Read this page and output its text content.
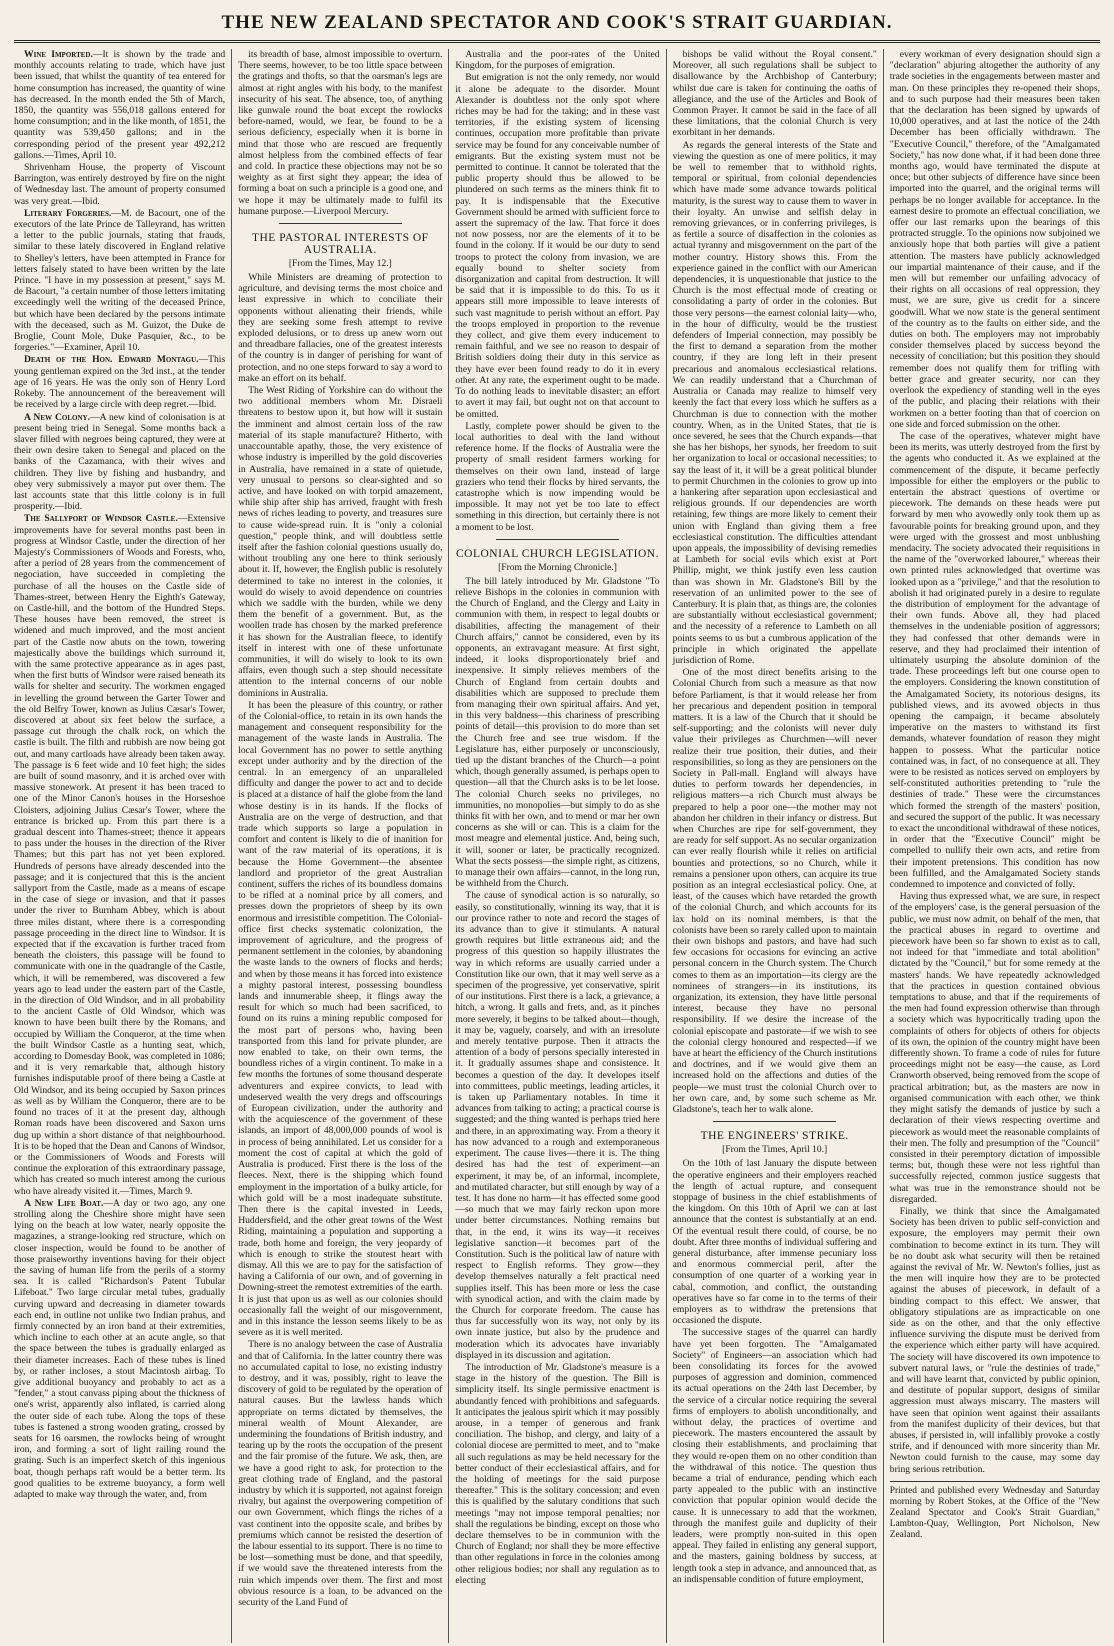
THE NEW ZEALAND SPECTATOR AND COOK'S STRAIT GUARDIAN.

Wine Imported.—It is shown by the trade and monthly accounts relating to trade, which have just been issued, that whilst the quantity of tea entered for home consumption has increased, the quantity of wine has decreased. In the month ended the 5th of March, 1850, the quantity was 556,018 gallons entered for home consumption; and in the like month, of 1851, the quantity was 539,450 gallons; and in the corresponding period of the present year 492,212 gallons.—Times, April 10.

Shrivenham House, the property of Viscount Barrington, was entirely destroyed by fire on the night of Wednesday last. The amount of property consumed was very great.—Ibid.

Literary Forgeries.—M. de Bacourt, one of the executors of the late Prince de Talleyrand, has written a letter to the public journals, stating that frauds, similar to these lately discovered in England relative to Shelley's letters, have been attempted in France for letters falsely stated to have been written by the late Prince. "I have in my possession at present," says M. de Bacourt, "a certain number of those letters imitating exceedingly well the writing of the deceased Prince, but which have been declared by the persons intimate with the deceased, such as M. Guizot, the Duke de Broglie, Count Mole, Duke Pasquier, &c., to be forgeries."—Examiner, April 10.

Death of the Hon. Edward Montagu.—This young gentleman expired on the 3rd inst., at the tender age of 16 years. He was the only son of Henry Lord Rokeby. The announcement of the bereavement will be received by a large circle with deep regret.—Ibid.

A New Colony.—A new kind of colonisation is at present being tried in Senegal. Some months back a slaver filled with negroes being captured, they were at their own desire taken to Senegal and placed on the banks of the Cazamanca, with their wives and children. They live by fishing and husbandry, and obey very submissively a mayor put over them. The last accounts state that this little colony is in full prosperity.—Ibid.

The Sallyport of Windsor Castle.—Extensive improvements have for several months past been in progress at Windsor Castle, under the direction of her Majesty's Commissioners of Woods and Forests, who, after a period of 28 years from the commencement of negociation, have succeeded in completing the purchase of all the houses on the Castle side of Thames-street, between Henry the Eighth's Gateway, on Castle-hill, and the bottom of the Hundred Steps. These houses have been removed, the street is widened and much improved, and the most ancient part of the Castle now abuts on the town, towering majestically above the buildings which surround it, with the same protective appearance as in ages past, when the first butts of Windsor were raised beneath its walls for shelter and security. The workmen engaged in levelling the ground between the Garter Tower and the old Belfry Tower, known as Julius Cæsar's Tower, discovered at about six feet below the surface, a passage cut through the chalk rock, on which the castle is built. The filth and rubbish are now being got out, and many cartloads have already been taken away. The passage is 6 feet wide and 10 feet high; the sides are built of sound masonry, and it is arched over with massive stonework. At present it has been traced to one of the Minor Canon's houses in the Horseshoe Cloisters, adjoining Julius Cæsar's Tower, where the entrance is bricked up. From this part there is a gradual descent into Thames-street; thence it appears to pass under the houses in the direction of the River Thames; but this part has not yet been explored. Hundreds of persons have already descended into the passage; and it is conjectured that this is the ancient sallyport from the Castle, made as a means of escape in the case of siege or invasion, and that it passes under the river to Burnham Abbey, which is about three miles distant, where there is a corresponding passage proceeding in the direct line to Windsor. It is expected that if the excavation is further traced from beneath the cloisters, this passage will be found to communicate with one in the quadrangle of the Castle, which, it will be remembered, was discovered a few years ago to lead under the eastern part of the Castle, in the direction of Old Windsor, and in all probability to the ancient Castle of Old Windsor, which was known to have been built there by the Romans, and occupied by William the Conqueror, at the time when the built Windsor Castle as a hunting seat, which, according to Domesday Book, was completed in 1086; and it is very remarkable that, although history furnishes indisputable proof of there being a Castle at Old Windsor, and its being occupied by Saxon princes as well as by William the Conqueror, there are to be found no traces of it at the present day, although Roman roads have been discovered and Saxon urns dug up within a short distance of that neighbourhood. It is to be hoped that the Dean and Canons of Windsor, or the Commissioners of Woods and Forests will continue the exploration of this extraordinary passage, which has created so much interest among the curious who have already visited it.—Times, March 9.

A New Life Boat.—A day or two ago, any one strolling along the Cheshire shore might have seen lying on the beach at low water, nearly opposite the magazines, a strange-looking red structure, which on closer inspection, would be found to be another of those praiseworthy inventions having for their object the saving of human life from the perils of a stormy sea. It is called "Richardson's Patent Tubular Lifeboat." Two large circular metal tubes, gradually curving upward and decreasing in diameter towards each end, in outline not unlike two Indian prahus, and firmly connected by an iron band at their extremities, which incline to each other at an acute angle, so that the space between the tubes is gradually enlarged as their diameter increases. Each of these tubes is lined by, or rather incloses, a stout Macintosh airbag. To give additional buoyancy and probably to act as a "fender," a stout canvass piping about the thickness of one's wrist, apparently also inflated, is carried along the outer side of each tube. Along the tops of these tubes is fastened a strong wooden grating, crossed by seats for 16 oarsmen, the rowlocks being of wrought iron, and forming a sort of light railing round the grating. Such is an imperfect sketch of this ingenious boat, though perhaps raft would be a better term. Its good qualities to be extreme buoyancy, a form well adapted to make way through the water, and, from

its breadth of base, almost impossible to overturn. There seems, however, to be too little space between the gratings and thofts, so that the oarsman's legs are almost at right angles with his body, to the manifest insecurity of his seat. The absence, too, of anything like gunwale round the boat except the rowlocks before-named, would, we fear, be found to be a serious deficiency, especially when it is borne in mind that those who are rescued are frequently almost helpless from the combined effects of fear and cold. In practice these objections may not be so weighty as at first sight they appear; the idea of forming a boat on such a principle is a good one, and we hope it may be ultimately made to fulfil its humane purpose.—Liverpool Mercury.

THE PASTORAL INTERESTS OF AUSTRALIA.
[From the Times, May 12.]

While Ministers are dreaming of protection to agriculture, and devising terms the most choice and least expressive in which to conciliate their opponents without alienating their friends, while they are seeking some fresh attempt to revive exploded delusions, or to dress up anew worn out and threadbare fallacies, one of the greatest interests of the country is in danger of perishing for want of protection, and no one steps forward to say a word to make an effort on its behalf.

The West Riding of Yorkshire can do without the two additional members whom Mr. Disraeli threatens to bestow upon it, but how will it sustain the imminent and almost certain loss of the raw material of its staple manufacture? Hitherto, with unaccountable apathy, those, the very existence of whose industry is imperilled by the gold discoveries in Australia, have remained in a state of quietude, very unusual to persons so clear-sighted and so active, and have looked on with torpid amazement, while ship after ship has arrived, fraught with fresh news of riches leading to poverty, and treasures sure to cause wide-spread ruin. It is "only a colonial question," people think, and will doubtless settle itself after the fashion colonial questions usually do, without troubling any one here to think seriously about it. If, however, the English public is resolutely determined to take no interest in the colonies, it would do wisely to avoid dependence on countries which we saddle with the burden, while we deny them the benefit of a government. But, as the woollen trade has chosen by the marked preference it has shown for the Australian fleece, to identify itself in interest with one of these unfortunate communities, it will do wisely to look to its own affairs, even though such a step should necessitate attention to the internal concerns of our noble dominions in Australia.

It has been the pleasure of this country, or rather of the Colonial-office, to retain in its own hands the management and consequent responsibility for the management of the waste lands in Australia. The local Government has no power to settle anything except under authority and by the direction of the central. In an emergency of an unparalleled difficulty and danger the power to act and to decide is placed at a distance of half the globe from the land whose destiny is in its hands. If the flocks of Australia are on the verge of destruction, and that trade which supports so large a population in comfort and content is likely to die of inanition for want of the raw material of its operations, it is because the Home Government—the absentee landlord and proprietor of the great Australian continent, suffers the riches of its boundless domains to be rifled at a nominal price by all comers, and presses down the proprietors of sheep by its own enormous and irresistible competition. The Colonial-office first checks systematic colonization, the improvement of agriculture, and the progress of permanent settlement in the colonies, by abandoning the waste lands to the owners of flocks and herds; and when by those means it has forced into existence a mighty pastoral interest, possessing boundless lands and innumerable sheep, it flings away the result for which so much had been sacrificed, to found on its ruins a mining republic composed for the most part of persons who, having been transported from this land for private plunder, are now enabled to take, on their own terms, the boundless riches of a virgin continent. To make in a few months the fortunes of some thousand desperate adventurers and expiree convicts, to lead with undeserved wealth the very dregs and offscourings of European civilization, under the authority and with the acquiescence of the government of these islands, an import of 48,000,000 pounds of wool is in process of being annihilated. Let us consider for a moment the cost of capital at which the gold of Australia is produced. First there is the loss of the fleeces. Next, there is the shipping which found employment in the importation of a bulky article, for which gold will be a most inadequate substitute. Then there is the capital invested in Leeds, Huddersfield, and the other great towns of the West Riding, maintaining a population and supporting a trade, both home and foreign, the very jeopardy of which is enough to strike the stoutest heart with dismay. All this we are to pay for the satisfaction of having a California of our own, and of governing in Downing-street the remotest extremities of the earth. It is just that upon us as well as our colonies should occasionally fall the weight of our misgovernment, and in this instance the lesson seems likely to be as severe as it is well merited.

There is no analogy between the case of Australia and that of California. In the latter country there was no accumulated capital to lose, no existing industry to destroy, and it was, possibly, right to leave the discovery of gold to be regulated by the operation of natural causes. But the lawless hands which appropriate on terms dictated by themselves, the mineral wealth of Mount Alexander, are undermining the foundations of British industry, and tearing up by the roots the occupation of the present and the fair promise of the future. We ask, then, are we have a good right to ask, for protection to the great clothing trade of England, and the pastoral industry by which it is supported, not against foreign rivalry, but against the overpowering competition of our own Government, which flings the riches of a vast continent into the opposite scale, and bribes by premiums which cannot be resisted the desertion of the labour essential to its support. There is no time to be lost—something must be done, and that speedily, if we would save the threatened interests from the ruin which impends over them. The first and most obvious resource is a loan, to be advanced on the security of the Land Fund of

Australia and the poor-rates of the United Kingdom, for the purposes of emigration.

But emigration is not the only remedy, nor would it alone be adequate to the disorder. Mount Alexander is doubtless not the only spot where riches may be had for the taking; and in these vast territories, if the existing system of licensing continues, occupation more profitable than private service may be found for any conceivable number of emigrants. But the existing system must not be permitted to continue. It cannot be tolerated that the public property should thus be allowed to be plundered on such terms as the miners think fit to pay. It is indispensable that the Executive Government should be armed with sufficient force to assert the supremacy of the law. That force it does not now possess, nor are the elements of it to be found in the colony. If it would be our duty to send troops to protect the colony from invasion, we are equally bound to shelter society from disorganization and capital from destruction. It will be said that it is impossible to do this. To us it appears still more impossible to leave interests of such vast magnitude to perish without an effort. Pay the troops employed in proportion to the revenue they collect, and give them every inducement to remain faithful, and we see no reason to despair of British soldiers doing their duty in this service as they have ever been found ready to do it in every other. At any rate, the experiment ought to be made. To do nothing leads to inevitable disaster; an effort to avert it may fail, but ought not on that account to be omitted.

Lastly, complete power should be given to the local authorities to deal with the land without reference home. If the flocks of Australia were the property of small resident farmers working for themselves on their own land, instead of large graziers who tend their flocks by hired servants, the catastrophe which is now impending would be impossible. It may not yet be too late to effect something in this direction, but certainly there is not a moment to be lost.

COLONIAL CHURCH LEGISLATION.
[From the Morning Chronicle.]

The bill lately introduced by Mr. Gladstone "To relieve Bishops in the colonies in communion with the Church of England, and the Clergy and Laity in communion with them, in respect to legal doubts or disabilities, affecting the management of their Church affairs," cannot be considered, even by its opponents, an extravagant measure. At first sight, indeed, it looks disproportionately brief and inexpensive. It simply relieves members of the Church of England from certain doubts and disabilities which are supposed to preclude them from managing their own spiritual affairs. And yet, in this very baldness—this chariness of prescribing points of detail—this provision to do more than set the Church free and see true wisdom. If the Legislature has, either purposely or unconsciously, tied up the distant branches of the Church—a point which, though generally assumed, is perhaps open to question—all that the Church asks is to be let loose. The colonial Church seeks no privileges, no immunities, no monopolies—but simply to do as she thinks fit with her own, and to mend or mar her own concerns as she will or can. This is a claim for the most meagre and elemental justice. And, being such, it will, sooner or later, be practically recognized. What the sects possess—the simple right, as citizens, to manage their own affairs—cannot, in the long run, be withheld from the Church.

The cause of synodical action is so naturally, so easily, so constitutionally, winning its way, that it is our province rather to note and record the stages of its advance than to give it stimulants. A natural growth requires but little extraneous aid; and the progress of this question so happily illustrates the way in which reforms are usually carried under a Constitution like our own, that it may well serve as a specimen of the progressive, yet conservative, spirit of our institutions. First there is a lack, a grievance, a hitch, a wrong. It galls and frets, and, as it pinches more severely, it begins to be talked about—though, it may be, vaguely, coarsely, and with an irresolute and merely tentative purpose. Then it attracts the attention of a body of persons specially interested in it. It gradually assumes shape and consistence. It becomes a question of the day. It developes itself into committees, public meetings, leading articles, it is taken up Parliamentary notables. In time it advances from talking to acting; a practical course is suggested; and the thing wanted is perhaps tried here and there, in an approximating way. From a theory it has now advanced to a rough and extemporaneous experiment. The cause lives—there it is. The thing desired has had the test of experiment—an experiment, it may be, of an informal, incomplete, and mutilated character, but still enough by way of a test. It has done no harm—it has effected some good—so much that we may fairly reckon upon more under better circumstances. Nothing remains but that, in the end, it wins its way—it receives legislative sanction—it becomes part of the Constitution. Such is the political law of nature with respect to English reforms. They grow—they develop themselves naturally a felt practical need supplies itself. This has been more or less the case with synodical action, and with the claim made by the Church for corporate freedom. The cause has thus far successfully won its way, not only by its own innate justice, but also by the prudence and moderation which its advocates have invariably displayed in its discussion and agitation.

The introduction of Mr. Gladstone's measure is a stage in the history of the question. The Bill is simplicity itself. Its single permissive enactment is abundantly fenced with prohibitions and safeguards. It anticipates the jealous spirit which it may possibly arouse, in a temper of generous and frank conciliation. The bishop, and clergy, and laity of a colonial diocese are permitted to meet, and to "make all such regulations as may be held necessary for the better conduct of their ecclesiastical affairs, and for the holding of meetings for the said purpose thereafter." This is the solitary concession; and even this is qualified by the salutary conditions that such meetings "may not impose temporal penalties; nor shall the regulations be binding, except on those who declare themselves to be in communion with the Church of England; nor shall they be more effective than other regulations in force in the colonies among other religious bodies; nor shall any regulation as to electing

bishops be valid without the Royal consent." Moreover, all such regulations shall be subject to disallowance by the Archbishop of Canterbury; whilst due care is taken for continuing the oaths of allegiance, and the use of the Articles and Book of Common Prayer. It cannot be said in the face of all these limitations, that the colonial Church is very exorbitant in her demands.

As regards the general interests of the State and viewing the question as one of mere politics, it may be well to remember that to withhold rights, temporal or spiritual, from colonial dependencies which have made some advance towards political maturity, is the surest way to cause them to waver in their loyalty. An unwise and selfish delay in removing grievances, or in conferring privileges, is as fertile a source of disaffection in the colonies as actual tyranny and misgovernment on the part of the mother country. History shows this. From the experience gained in the conflict with our American dependencies, it is unquestionable that justice to the Church is the most effectual mode of creating or consolidating a party of order in the colonies. But those very persons—the earnest colonial laity—who, in the hour of difficulty, would be the trustiest defenders of Imperial connection, may possibly be the first to demand a separation from the mother country, if they are long left in their present precarious and anomalous ecclesiastical relations. We can readily understand that a Churchman of Australia or Canada may realize to himself very keenly the fact that every loss which he suffers as a Churchman is due to connection with the mother country. When, as in the United States, that tie is once severed, he sees that the Church expands—that she has her bishops, her synods, her freedom to suit her organization to local or occasional necessities; to say the least of it, it will be a great political blunder to permit Churchmen in the colonies to grow up into a hankering after separation upon ecclesiastical and religious grounds. If our dependencies are worth retaining, few things are more likely to cement their union with England than giving them a free ecclesiastical constitution. The difficulties attendant upon appeals, the impossibility of devising remedies at Lambeth for social evils which exist at Port Phillip, might, we think justify even less caution than was shown in Mr. Gladstone's Bill by the reservation of an unlimited power to the see of Canterbury. It is plain that, as things are, the colonies are substantially without ecclesiastical government; and the necessity of a reference to Lambeth on all points seems to us but a cumbrous application of the principle in which originated the appellate jurisdiction of Rome.

One of the most direct benefits arising to the Colonial Church from such a measure as that now before Parliament, is that it would release her from her precarious and dependent position in temporal matters. It is a law of the Church that it should be self-supporting; and the colonists will never duly value their privileges as Churchmen—will never realize their true position, their duties, and their responsibilities, so long as they are pensioners on the Society in Pall-mall. England will always have duties to perform towards her dependencies, in religious matters—a rich Church must always be prepared to help a poor one—the mother may not abandon her children in their infancy or distress. But when Churches are ripe for self-government, they are ready for self support. As no secular organization can ever really flourish while it relies on artificial bounties and protections, so no Church, while it remains a pensioner upon others, can acquire its true position as an integral ecclesiastical policy. One, at least, of the causes which have retarded the growth of the colonial Church, and which accounts for its lax hold on its nominal members, is that the colonists have been so rarely called upon to maintain their own bishops and pastors, and have had such few occasions for occasions for evincing an active personal concern in the Church system. The Church comes to them as an importation—its clergy are the nominees of strangers—in its institutions, its organization, its extension, they have little personal interest, because they have no personal responsibility. If we desire the increase of the colonial episcopate and pastorate—if we wish to see the colonial clergy honoured and respected—if we have at heart the efficiency of the Church institutions and doctrines, and if we would give them an increased hold on the affections and duties of the people—we must trust the colonial Church over to her own care, and, by some such scheme as Mr. Gladstone's, teach her to walk alone.

THE ENGINEERS' STRIKE.
[From the Times, April 10.]

On the 10th of last January the dispute between the operative engineers and their employers reached the length of actual rupture, and consequent stoppage of business in the chief establishments of the kingdom. On this 10th of April we can at last announce that the contest is substantially at an end. Of the eventual result there could, of course, be no doubt. After three months of individual suffering and general disturbance, after immense pecuniary loss and enormous commercial peril, after the consumption of one quarter of a working year in cabal, commotion, and conflict, the outstanding operatives have so far come in to the terms of their employers as to withdraw the pretensions that occasioned the dispute.

The successive stages of the quarrel can hardly have yet been forgotten. The "Amalgamated Society" of Engineers—an association which had been consolidating its forces for the avowed purposes of aggression and dominion, commenced its actual operations on the 24th last December, by the service of a circular notice requiring the several firms of employers to abolish unconditionally, and without delay, the practices of overtime and piecework. The masters encountered the assault by closing their establishments, and proclaiming that they would re-open them on no other condition than the withdrawal of this notice. The question thus became a trial of endurance, pending which each party appealed to the public with an instinctive conviction that popular opinion would decide the cause. It is unnecessary to add that the workmen, through the manifest guile and duplicity of their leaders, were promptly non-suited in this open appeal. They failed in enlisting any general support, and the masters, gaining boldness by success, at length took a step in advance, and announced that, as an indispensable condition of future employment,

every workman of every designation should sign a "declaration" abjuring altogether the authority of any trade societies in the engagements between master and man. On these principles they re-opened their shops, and to such purpose had their measures been taken that the declaration has been signed by upwards of 10,000 operatives, and at last the notice of the 24th December has been officially withdrawn. The "Executive Council," therefore, of the "Amalgamated Society," has now done what, if it had been done three months ago, would have terminated the dispute at once; but other subjects of difference have since been imported into the quarrel, and the original terms will perhaps be no longer available for acceptance. In the earnest desire to promote an effectual conciliation, we offer our last remarks upon the bearings of this protracted struggle. To the opinions now subjoined we anxiously hope that both parties will give a patient attention. The masters have publicly acknowledged our impartial maintenance of their cause, and if the men will but remember our unfailing advocacy of their rights on all occasions of real oppression, they must, we are sure, give us credit for a sincere goodwill. What we now state is the general sentiment of the country as to the faults on either side, and the duties on both. The employers may not improbably consider themselves placed by success beyond the necessity of conciliation; but this position they should remember does not qualify them for trifling with better grace and greater security, nor can they overlook the expediency of standing well in the eyes of the public, and placing their relations with their workmen on a better footing than that of coercion on one side and forced submission on the other.

The case of the operatives, whatever might have been its merits, was utterly destroyed from the first by the agents who conducted it. As we explained at the commencement of the dispute, it became perfectly impossible for either the employers or the public to entertain the abstract questions of overtime or piecework. The demands on these heads were put forward by men who avowedly only took them up as favourable points for breaking ground upon, and they were urged with the grossest and most unblushing mendacity. The society advocated their requisitions in the name of the "overworked labourer," whereas their own printed rules acknowledged that overtime was looked upon as a "privilege," and that the resolution to abolish it had originated purely in a desire to regulate the distribution of employment for the advantage of their own funds. Above all, they had placed themselves in the undeniable position of aggressors; they had confessed that other demands were in reserve, and they had proclaimed their intention of ultimately usurping the absolute dominion of the trade. These proceedings left but one course open to the employers. Considering the known constitution of the Amalgamated Society, its notorious designs, its published views, and its avowed objects in thus opening the campaign, it became absolutely imperative on the masters to withstand its first demands, whatever foundation of reason they might happen to possess. What the particular notice contained was, in fact, of no consequence at all. They were to be resisted as notices served on employers by self-constituted authorities pretending to "rule the destinies of trade." These were the circumstances which formed the strength of the masters' position, and secured the support of the public. It was necessary to exact the unconditional withdrawal of these notices, in order that the "Executive Council" might be compelled to nullify their own acts, and retire from their impotent pretensions. This condition has now been fulfilled, and the Amalgamated Society stands condemned to impotence and convicted of folly.

Having thus expressed what, we are sure, in respect of the employers' case, is the general persuasion of the public, we must now admit, on behalf of the men, that the practical abuses in regard to overtime and piecework have been so far shown to exist as to call, not indeed for that "immediate and total abolition" dictated by the "Council," but for some remedy at the masters' hands. We have repeatedly acknowledged that the practices in question contained obvious temptations to abuse, and that if the requirements of the men had found expression otherwise than through a society which was hypocritically trading upon the complaints of others for objects of others for objects of its own, the opinion of the country might have been differently shown. To frame a code of rules for future proceedings might not be easy—the cause, as Lord Cranworth observed, being removed from the scope of practical arbitration; but, as the masters are now in organised communication with each other, we think they might satisfy the demands of justice by such a declaration of their views respecting overtime and piecework as would meet the reasonable complaints of their men. The folly and presumption of the "Council" consisted in their peremptory dictation of impossible terms; but, though these were not less rightful than successfully rejected, common justice suggests that what was true in the remonstrance should not be disregarded.

Finally, we think that since the Amalgamated Society has been driven to public self-conviction and exposure, the employers may permit their own combination to become extinct in its turn. They will be no doubt ask what security will then be retained against the revival of Mr. W. Newton's follies, just as the men will inquire how they are to be protected against the abuses of piecework, in default of a binding compact to this effect. We answer, that obligatory stipulations are as impracticable on one side as on the other, and that the only effective influence surviving the dispute must be derived from the experience which either party will have acquired. The society will have discovered its own impotence to subvert natural laws, or "rule the destinies of trade," and will have learnt that, convicted by public opinion, and destitute of popular support, designs of similar aggression must always miscarry. The masters will have seen that opinion went against their assailants from the manifest duplicity of their devices, but that abuses, if persisted in, will infallibly provoke a costly strife, and if denounced with more sincerity than Mr. Newton could furnish to the cause, may some day bring serious retribution.

Printed and published every Wednesday and Saturday morning by Robert Stokes, at the Office of the "New Zealand Spectator and Cook's Strait Guardian," Lambton-Quay, Wellington, Port Nicholson, New Zealand.
